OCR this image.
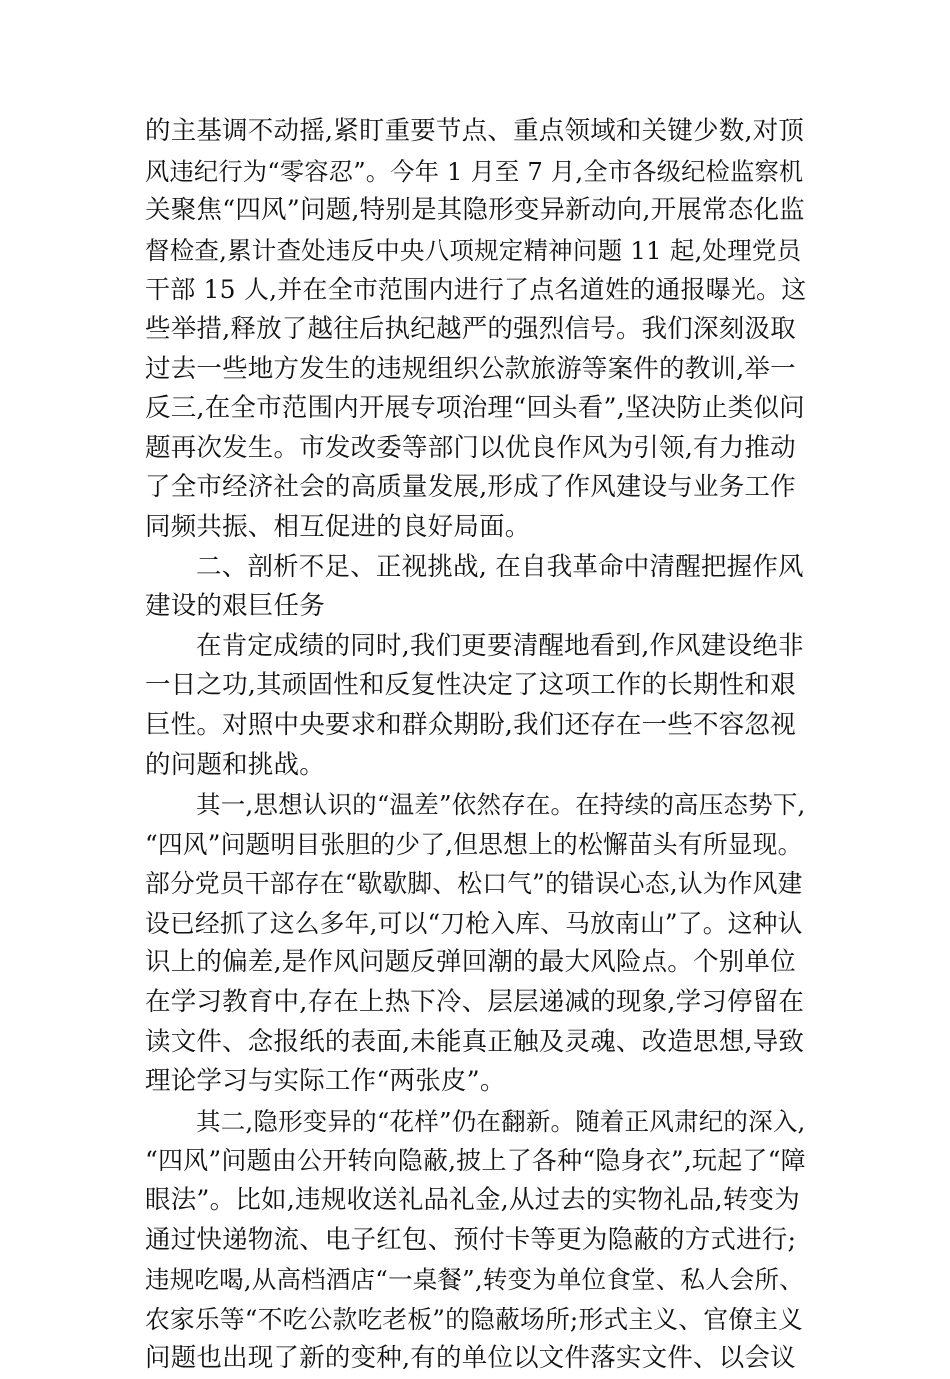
的主基调不动摇,紧盯重要节点、重点领域和关键少数,对顶
风违纪行为“零容忍”。今年 1 月至 7 月,全市各级纪检监察机
关聚焦“四风”问题,特别是其隐形变异新动向,开展常态化监
督检查,累计查处违反中央八项规定精神问题 11 起,处理党员
干部 15 人,并在全市范围内进行了点名道姓的通报曝光。这
些举措,释放了越往后执纪越严的强烈信号。我们深刻汲取
过去一些地方发生的违规组织公款旅游等案件的教训,举一
反三,在全市范围内开展专项治理“回头看”,坚决防止类似问
题再次发生。市发改委等部门以优良作风为引领,有力推动
了全市经济社会的高质量发展,形成了作风建设与业务工作
同频共振、相互促进的良好局面。
二、剖析不足、正视挑战, 在自我革命中清醒把握作风
建设的艰巨任务
在肯定成绩的同时,我们更要清醒地看到,作风建设绝非
一日之功,其顽固性和反复性决定了这项工作的长期性和艰
巨性。对照中央要求和群众期盼,我们还存在一些不容忽视
的问题和挑战。
其一,思想认识的“温差”依然存在。在持续的高压态势下,
“四风”问题明目张胆的少了,但思想上的松懈苗头有所显现。
部分党员干部存在“歇歇脚、松口气”的错误心态,认为作风建
设已经抓了这么多年,可以“刀枪入库、马放南山”了。这种认
识上的偏差,是作风问题反弹回潮的最大风险点。个别单位
在学习教育中,存在上热下冷、层层递减的现象,学习停留在
读文件、念报纸的表面,未能真正触及灵魂、改造思想,导致
理论学习与实际工作“两张皮”。
其二,隐形变异的“花样”仍在翻新。随着正风肃纪的深入,
“四风”问题由公开转向隐蔽,披上了各种“隐身衣”,玩起了“障
眼法”。比如,违规收送礼品礼金,从过去的实物礼品,转变为
通过快递物流、电子红包、预付卡等更为隐蔽的方式进行;
违规吃喝,从高档酒店“一桌餐”,转变为单位食堂、私人会所、
农家乐等“不吃公款吃老板”的隐蔽场所;形式主义、官僚主义
问题也出现了新的变种,有的单位以文件落实文件、以会议
